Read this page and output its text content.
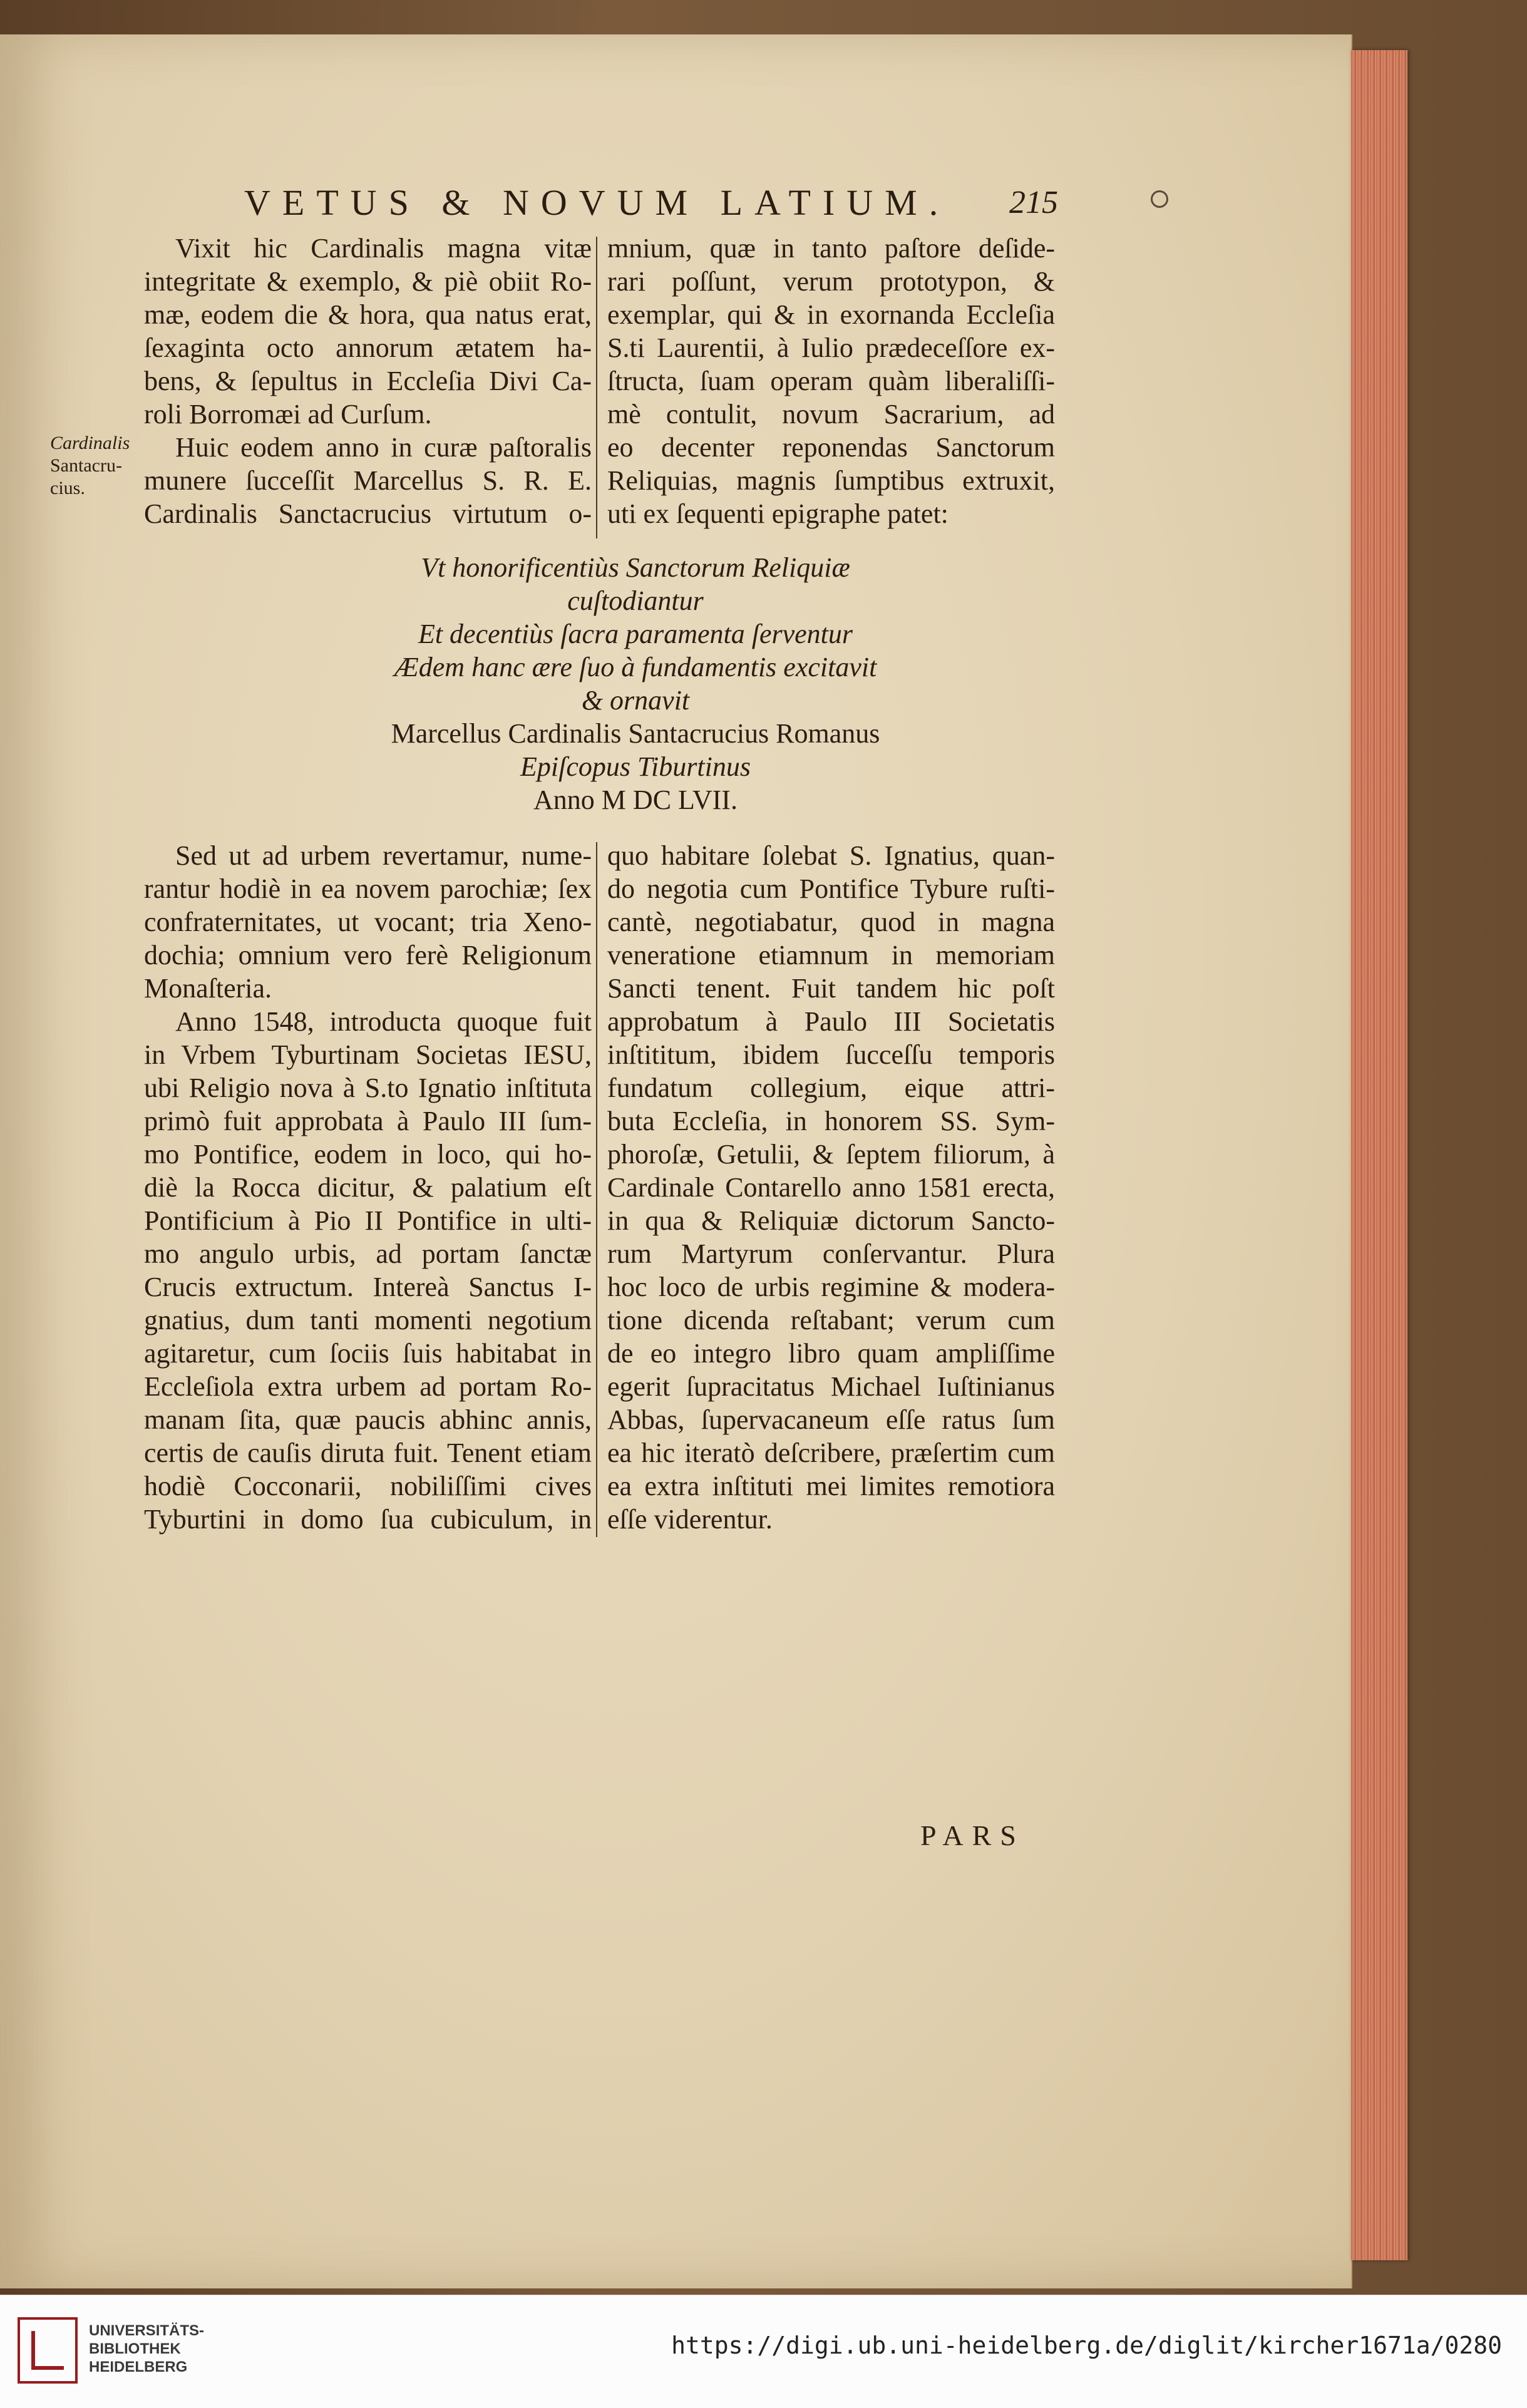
VETUS & NOVUM LATIUM. 215
Cardinalis
Santacru-
cius.
Vixit hic Cardinalis magna vitæ
integritate & exemplo, & piè obiit Ro-
mæ, eodem die & hora, qua natus erat,
ſexaginta octo annorum ætatem ha-
bens, & ſepultus in Eccleſia Divi Ca-
roli Borromæi ad Curſum.
Huic eodem anno in curæ paſtoralis
munere ſucceſſit Marcellus S. R. E.
Cardinalis Sanctacrucius virtutum o-
mnium, quæ in tanto paſtore deſide-
rari poſſunt, verum prototypon, &
exemplar, qui & in exornanda Eccleſia
S.ti Laurentii, à Iulio prædeceſſore ex-
ſtructa, ſuam operam quàm liberaliſſi-
mè contulit, novum Sacrarium, ad
eo decenter reponendas Sanctorum
Reliquias, magnis ſumptibus extruxit,
uti ex ſequenti epigraphe patet:
Vt honorificentiùs Sanctorum Reliquiæ
cuſtodiantur
Et decentiùs ſacra paramenta ſerventur
Ædem hanc ære ſuo à fundamentis excitavit
& ornavit
Marcellus Cardinalis Santacrucius Romanus
Epiſcopus Tiburtinus
Anno M DC LVII.
Sed ut ad urbem revertamur, nume-
rantur hodiè in ea novem parochiæ; ſex
confraternitates, ut vocant; tria Xeno-
dochia; omnium vero ferè Religionum
Monaſteria.
Anno 1548, introducta quoque fuit
in Vrbem Tyburtinam Societas IESU,
ubi Religio nova à S.to Ignatio inſtituta
primò fuit approbata à Paulo III ſum-
mo Pontifice, eodem in loco, qui ho-
diè la Rocca dicitur, & palatium eſt
Pontificium à Pio II Pontifice in ulti-
mo angulo urbis, ad portam ſanctæ
Crucis extructum. Intereà Sanctus I-
gnatius, dum tanti momenti negotium
agitaretur, cum ſociis ſuis habitabat in
Eccleſiola extra urbem ad portam Ro-
manam ſita, quæ paucis abhinc annis,
certis de cauſis diruta fuit. Tenent etiam
hodiè Cocconarii, nobiliſſimi cives
Tyburtini in domo ſua cubiculum, in
quo habitare ſolebat S. Ignatius, quan-
do negotia cum Pontifice Tybure ruſti-
cantè, negotiabatur, quod in magna
veneratione etiamnum in memoriam
Sancti tenent. Fuit tandem hic poſt
approbatum à Paulo III Societatis
inſtititum, ibidem ſucceſſu temporis
fundatum collegium, eique attri-
buta Eccleſia, in honorem SS. Sym-
phoroſæ, Getulii, & ſeptem filiorum, à
Cardinale Contarello anno 1581 erecta,
in qua & Reliquiæ dictorum Sancto-
rum Martyrum conſervantur. Plura
hoc loco de urbis regimine & modera-
tione dicenda reſtabant; verum cum
de eo integro libro quam ampliſſime
egerit ſupracitatus Michael Iuſtinianus
Abbas, ſupervacaneum eſſe ratus ſum
ea hic iteratò deſcribere, præſertim cum
ea extra inſtituti mei limites remotiora
eſſe viderentur.
PARS
UNIVERSITÄTS-
BIBLIOTHEK
HEIDELBERG
https://digi.ub.uni-heidelberg.de/diglit/kircher1671a/0280
